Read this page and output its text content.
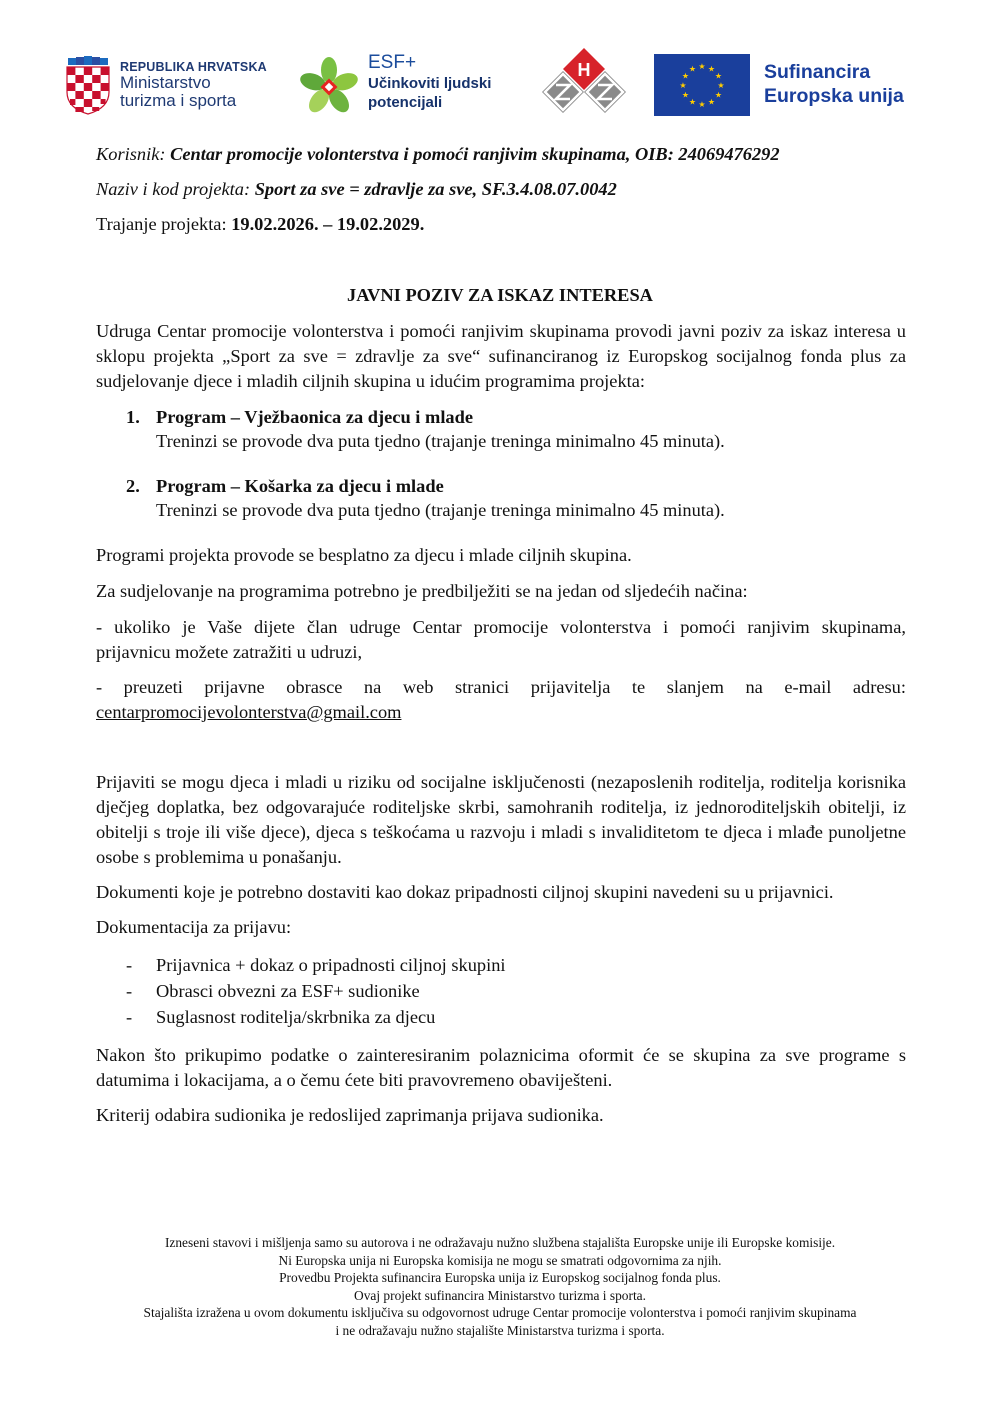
REPUBLIKA HRVATSKA
Ministarstvo
turizma i sporta
ESF+
Učinkoviti ljudski
potencijali
H	★ ★
★
★
★
★
★
★
★
★
★
★	Sufinancira
Europska unija
Korisnik: Centar promocije volonterstva i pomoći ranjivim skupinama, OIB: 24069476292
Naziv i kod projekta: Sport za sve = zdravlje za sve, SF.3.4.08.07.0042
Trajanje projekta: 19.02.2026. – 19.02.2029.
JAVNI POZIV ZA ISKAZ INTERESA
Udruga Centar promocije volonterstva i pomoći ranjivim skupinama provodi javni poziv za iskaz interesa u sklopu projekta „Sport za sve = zdravlje za sve“ sufinanciranog iz Europskog socijalnog fonda plus za sudjelovanje djece i mladih ciljnih skupina u idućim programima projekta:
1. Program – Vježbaonica za djecu i mlade
Treninzi se provode dva puta tjedno (trajanje treninga minimalno 45 minuta).
2. Program – Košarka za djecu i mlade
Treninzi se provode dva puta tjedno (trajanje treninga minimalno 45 minuta).
Programi projekta provode se besplatno za djecu i mlade ciljnih skupina.
Za sudjelovanje na programima potrebno je predbilježiti se na jedan od sljedećih načina:
- ukoliko je Vaše dijete član udruge Centar promocije volonterstva i pomoći ranjivim skupinama,
prijavnicu možete zatražiti u udruzi,
- preuzeti prijavne obrasce na web stranici prijavitelja te slanjem na e-mail adresu:
centarpromocijevolonterstva@gmail.com
Prijaviti se mogu djeca i mladi u riziku od socijalne isključenosti (nezaposlenih roditelja, roditelja korisnika dječjeg doplatka, bez odgovarajuće roditeljske skrbi, samohranih roditelja, iz jednoroditeljskih obitelji, iz obitelji s troje ili više djece), djeca s teškoćama u razvoju i mladi s invaliditetom te djeca i mlađe punoljetne osobe s problemima u ponašanju.
Dokumenti koje je potrebno dostaviti kao dokaz pripadnosti ciljnoj skupini navedeni su u prijavnici.
Dokumentacija za prijavu:
- Prijavnica + dokaz o pripadnosti ciljnoj skupini
- Obrasci obvezni za ESF+ sudionike
- Suglasnost roditelja/skrbnika za djecu
Nakon što prikupimo podatke o zainteresiranim polaznicima oformit će se skupina za sve programe s datumima i lokacijama, a o čemu ćete biti pravovremeno obaviješteni.
Kriterij odabira sudionika je redoslijed zaprimanja prijava sudionika.
Izneseni stavovi i mišljenja samo su autorova i ne odražavaju nužno službena stajališta Europske unije ili Europske komisije.
Ni Europska unija ni Europska komisija ne mogu se smatrati odgovornima za njih.
Provedbu Projekta sufinancira Europska unija iz Europskog socijalnog fonda plus.
Ovaj projekt sufinancira Ministarstvo turizma i sporta.
Stajališta izražena u ovom dokumentu isključiva su odgovornost udruge Centar promocije volonterstva i pomoći ranjivim skupinama
i ne odražavaju nužno stajalište Ministarstva turizma i sporta.
